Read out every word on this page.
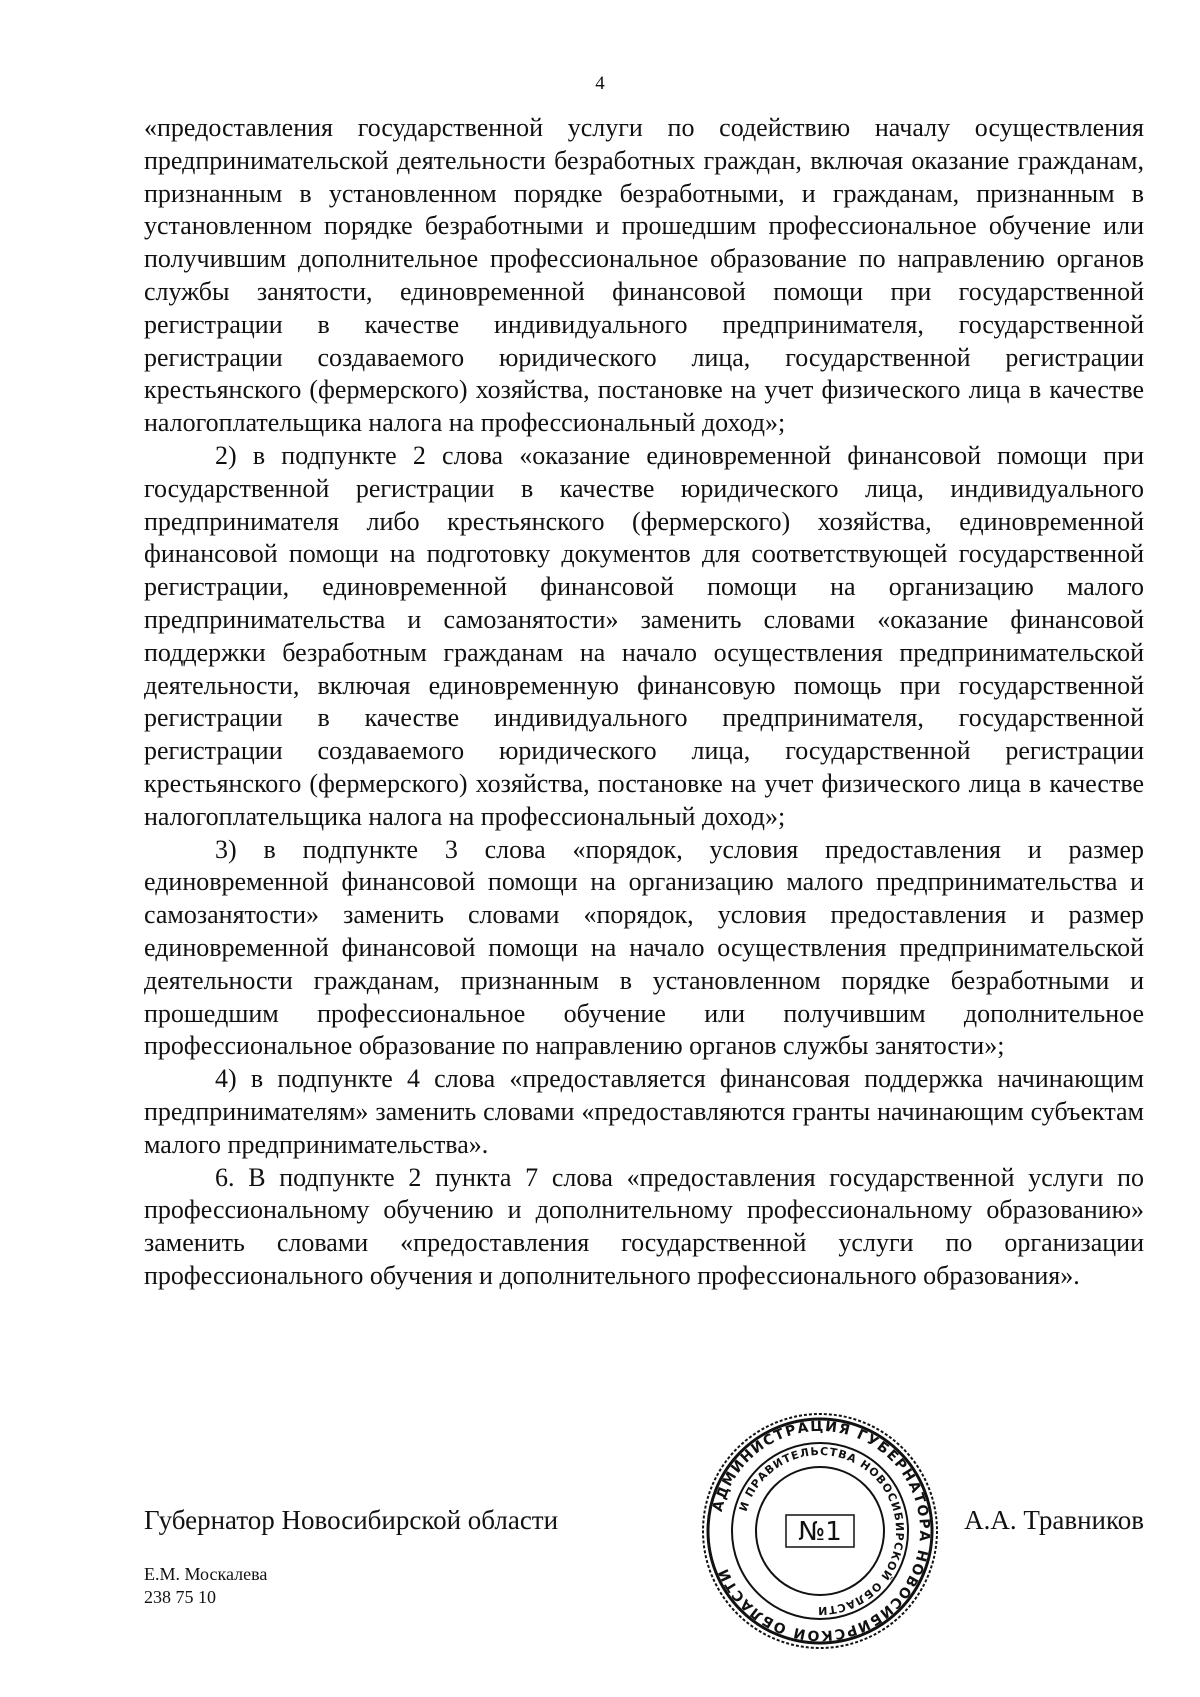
4

«предоставления государственной услуги по содействию началу осуществления предпринимательской деятельности безработных граждан, включая оказание гражданам, признанным в установленном порядке безработными, и гражданам, признанным в установленном порядке безработными и прошедшим профессиональное обучение или получившим дополнительное профессиональное образование по направлению органов службы занятости, единовременной финансовой помощи при государственной регистрации в качестве индивидуального предпринимателя, государственной регистрации создаваемого юридического лица, государственной регистрации крестьянского (фермерского) хозяйства, постановке на учет физического лица в качестве налогоплательщика налога на профессиональный доход»;

2) в подпункте 2 слова «оказание единовременной финансовой помощи при государственной регистрации в качестве юридического лица, индивидуального предпринимателя либо крестьянского (фермерского) хозяйства, единовременной финансовой помощи на подготовку документов для соответствующей государственной регистрации, единовременной финансовой помощи на организацию малого предпринимательства и самозанятости» заменить словами «оказание финансовой поддержки безработным гражданам на начало осуществления предпринимательской деятельности, включая единовременную финансовую помощь при государственной регистрации в качестве индивидуального предпринимателя, государственной регистрации создаваемого юридического лица, государственной регистрации крестьянского (фермерского) хозяйства, постановке на учет физического лица в качестве налогоплательщика налога на профессиональный доход»;

3) в подпункте 3 слова «порядок, условия предоставления и размер единовременной финансовой помощи на организацию малого предпринимательства и самозанятости» заменить словами «порядок, условия предоставления и размер единовременной финансовой помощи на начало осуществления предпринимательской деятельности гражданам, признанным в установленном порядке безработными и прошедшим профессиональное обучение или получившим дополнительное профессиональное образование по направлению органов службы занятости»;

4) в подпункте 4 слова «предоставляется финансовая поддержка начинающим предпринимателям» заменить словами «предоставляются гранты начинающим субъектам малого предпринимательства».

6. В подпункте 2 пункта 7 слова «предоставления государственной услуги по профессиональному обучению и дополнительному профессиональному образованию» заменить словами «предоставления государственной услуги по организации профессионального обучения и дополнительного профессионального образования».

Губернатор Новосибирской области	АДМИНИСТРАЦИЯ ГУБЕРНАТОРА НОВОСИБИРСКОЙ ОБЛАСТИ
И ПРАВИТЕЛЬСТВА НОВОСИБИРСКОЙ ОБЛАСТИ
№1	А.А. Травников
Е.М. Москалева
238 75 10
